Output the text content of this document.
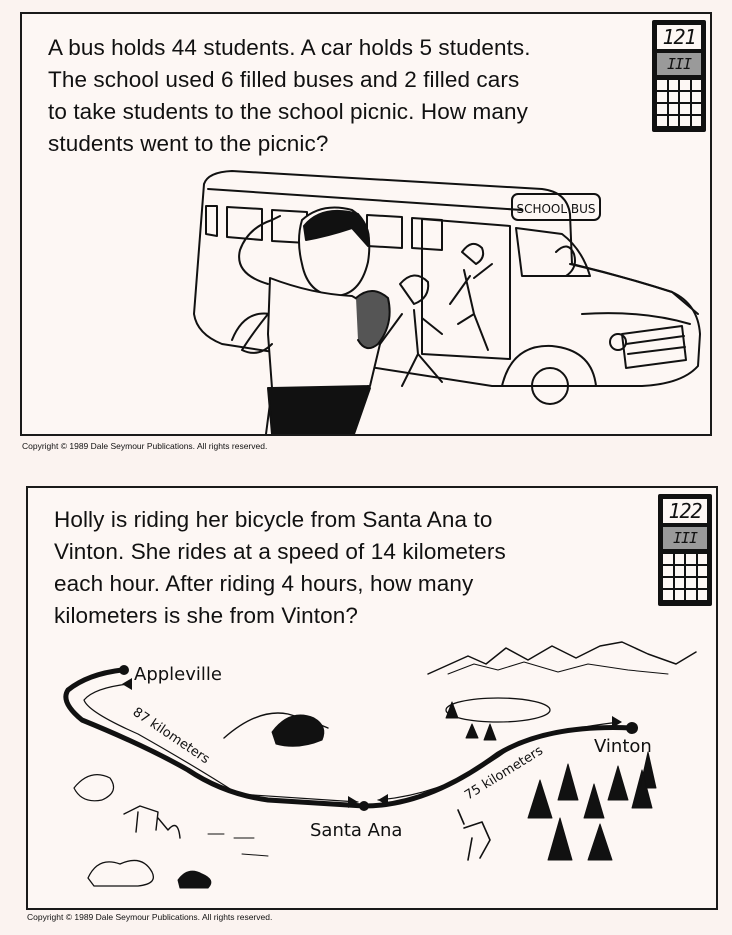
A bus holds 44 students. A car holds 5 students.
The school used 6 filled buses and 2 filled cars
to take students to the school picnic. How many
students went to the picnic?

121
III
SCHOOL BUS
Copyright © 1989 Dale Seymour Publications. All rights reserved.

Holly is riding her bicycle from Santa Ana to
Vinton. She rides at a speed of 14 kilometers
each hour. After riding 4 hours, how many
kilometers is she from Vinton?

122
III
Appleville
Santa Ana
Vinton
87 kilometers
75 kilometers
Copyright © 1989 Dale Seymour Publications. All rights reserved.
